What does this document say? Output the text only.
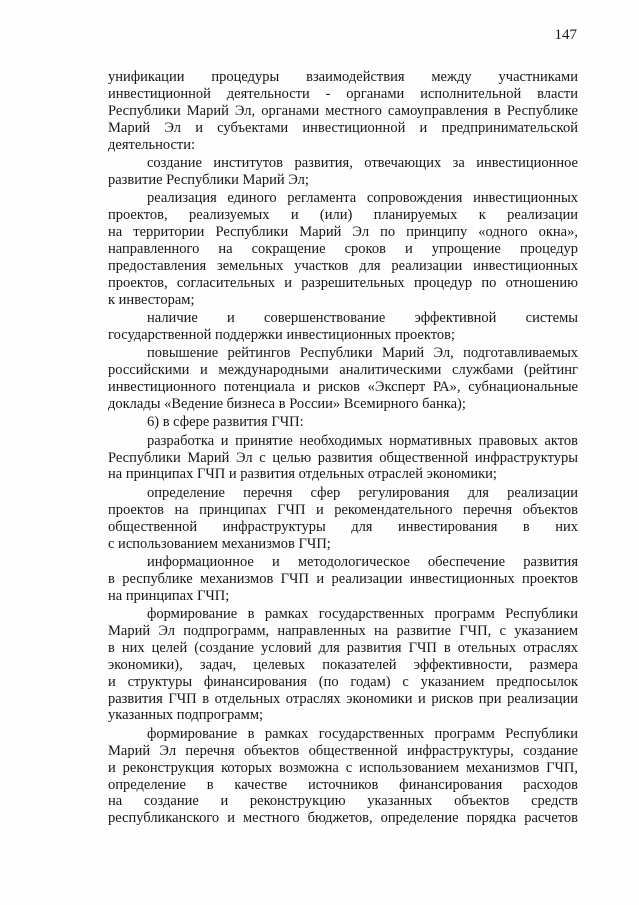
147
унификации процедуры взаимодействия между участниками
инвестиционной деятельности - органами исполнительной власти
Республики Марий Эл, органами местного самоуправления в Республике
Марий Эл и субъектами инвестиционной и предпринимательской
деятельности:
создание институтов развития, отвечающих за инвестиционное
развитие Республики Марий Эл;
реализация единого регламента сопровождения инвестиционных
проектов, реализуемых и (или) планируемых к реализации
на территории Республики Марий Эл по принципу «одного окна»,
направленного на сокращение сроков и упрощение процедур
предоставления земельных участков для реализации инвестиционных
проектов, согласительных и разрешительных процедур по отношению
к инвесторам;
наличие и совершенствование эффективной системы
государственной поддержки инвестиционных проектов;
повышение рейтингов Республики Марий Эл, подготавливаемых
российскими и международными аналитическими службами (рейтинг
инвестиционного потенциала и рисков «Эксперт РА», субнациональные
доклады «Ведение бизнеса в России» Всемирного банка);
6) в сфере развития ГЧП:
разработка и принятие необходимых нормативных правовых актов
Республики Марий Эл с целью развития общественной инфраструктуры
на принципах ГЧП и развития отдельных отраслей экономики;
определение перечня сфер регулирования для реализации
проектов на принципах ГЧП и рекомендательного перечня объектов
общественной инфраструктуры для инвестирования в них
с использованием механизмов ГЧП;
информационное и методологическое обеспечение развития
в республике механизмов ГЧП и реализации инвестиционных проектов
на принципах ГЧП;
формирование в рамках государственных программ Республики
Марий Эл подпрограмм, направленных на развитие ГЧП, с указанием
в них целей (создание условий для развития ГЧП в отельных отраслях
экономики), задач, целевых показателей эффективности, размера
и структуры финансирования (по годам) с указанием предпосылок
развития ГЧП в отдельных отраслях экономики и рисков при реализации
указанных подпрограмм;
формирование в рамках государственных программ Республики
Марий Эл перечня объектов общественной инфраструктуры, создание
и реконструкция которых возможна с использованием механизмов ГЧП,
определение в качестве источников финансирования расходов
на создание и реконструкцию указанных объектов средств
республиканского и местного бюджетов, определение порядка расчетов
